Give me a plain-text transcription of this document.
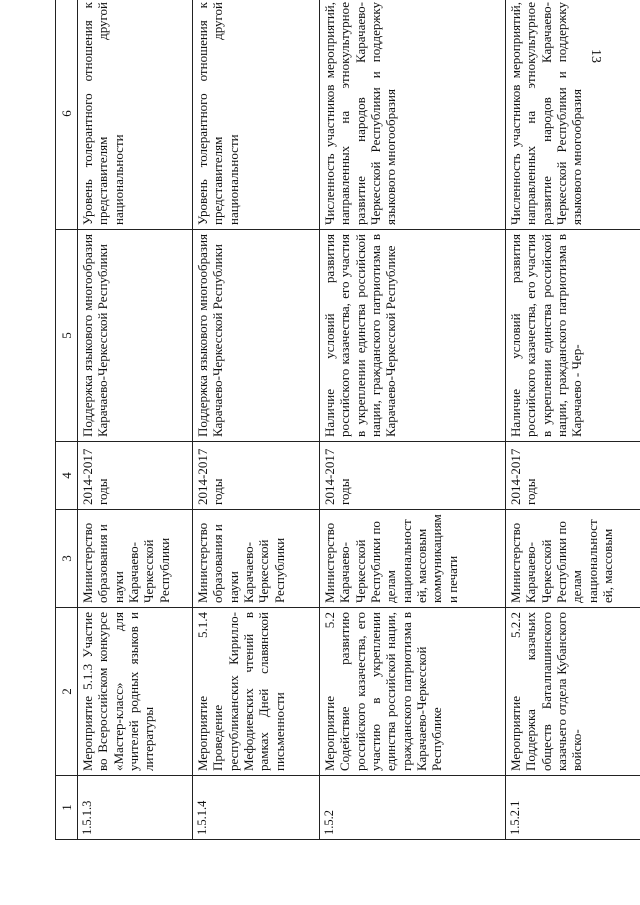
13
1	2	3	4	5	6
1.5.1.3	Мероприятие 5.1.3 Участие во Всероссийском конкурсе «Мастер-класс» для учителей родных языков и литературы	Министерство образования и науки Карачаево-Черкесской Республики	2014-2017 годы	Поддержка языкового многообразия Карачаево-Черкесской Республики	Уровень толерантного отношения к представителям другой национальности
1.5.1.4	Мероприятие 5.1.4 Проведение республиканских Кирилло-Мефодиевских чтений в рамках Дней славянской письменности	Министерство образования и науки Карачаево-Черкесской Республики	2014-2017 годы	Поддержка языкового многообразия Карачаево-Черкесской Республики	Уровень толерантного отношения к представителям другой национальности
1.5.2	Мероприятие 5.2 Содействие развитию российского казачества, его участию в укреплении единства российской нации, гражданского патриотизма в Карачаево-Черкесской Республике	Министерство Карачаево-Черкесской Республики по делам национальностей, массовым коммуникациям и печати	2014-2017 годы	Наличие условий развития российского казачества, его участия в укреплении единства российской нации, гражданского патриотизма в Карачаево-Черкесской Республике	Численность участников мероприятий, направленных на этнокультурное развитие народов Карачаево-Черкесской Республики и поддержку языкового многообразия
1.5.2.1	Мероприятие 5.2.2 Поддержка казачьих обществ Баталпашинского казачьего отдела Кубанского войско-	Министерство Карачаево-Черкесской Республики по делам национальностей, массовым	2014-2017 годы	Наличие условий развития российского казачества, его участия в укреплении единства российской нации, гражданского патриотизма в Карачаево - Чер-	Численность участников мероприятий, направленных на этнокультурное развитие народов Карачаево-Черкесской Республики и поддержку языкового многообразия
